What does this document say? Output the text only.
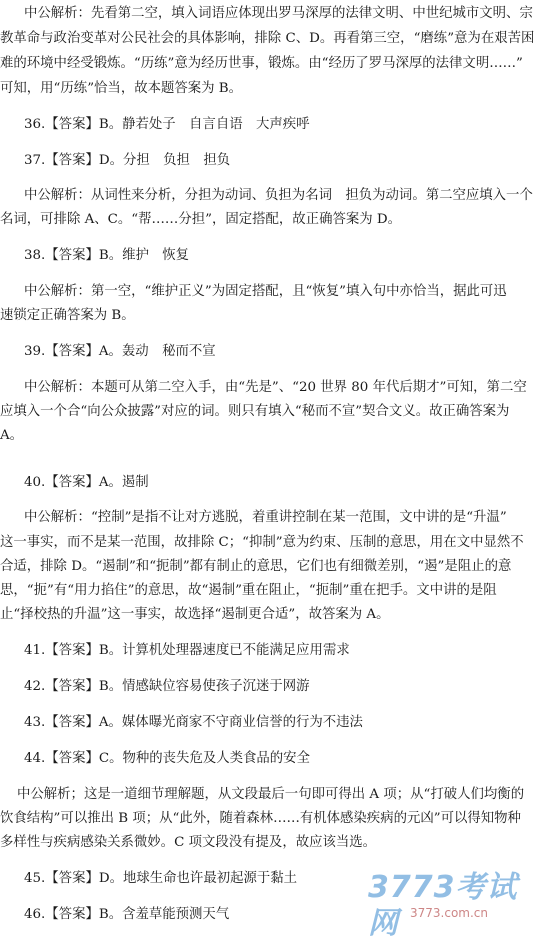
中公解析：先看第二空，填入词语应体现出罗马深厚的法律文明、中世纪城市文明、宗
教革命与政治变革对公民社会的具体影响，排除 C、D。再看第三空，“磨练”意为在艰苦困
难的环境中经受锻炼。“历练”意为经历世事，锻炼。由“经历了罗马深厚的法律文明……”
可知，用“历练”恰当，故本题答案为 B。
36.【答案】B。静若处子　自言自语　大声疾呼
37.【答案】D。分担　负担　担负
中公解析：从词性来分析，分担为动词、负担为名词　担负为动词。第二空应填入一个
名词，可排除 A、C。“帮……分担”，固定搭配，故正确答案为 D。
38.【答案】B。维护　恢复
中公解析：第一空，“维护正义”为固定搭配，且“恢复”填入句中亦恰当，据此可迅
速锁定正确答案为 B。
39.【答案】A。轰动　秘而不宣
中公解析：本题可从第二空入手，由“先是”、“20 世界 80 年代后期才”可知，第二空
应填入一个合“向公众披露”对应的词。则只有填入“秘而不宣”契合文义。故正确答案为
A。
40.【答案】A。遏制
中公解析：“控制”是指不让对方逃脱，着重讲控制在某一范围，文中讲的是“升温”
这一事实，而不是某一范围，故排除 C；“抑制”意为约束、压制的意思，用在文中显然不
合适，排除 D。“遏制”和“扼制”都有制止的意思，它们也有细微差别，“遏”是阻止的意
思，“扼”有“用力掐住”的意思，故“遏制”重在阻止，“扼制”重在把手。文中讲的是阻
止“择校热的升温”这一事实，故选择“遏制更合适”，故答案为 A。
41.【答案】B。计算机处理器速度已不能满足应用需求
42.【答案】B。情感缺位容易使孩子沉迷于网游
43.【答案】A。媒体曝光商家不守商业信誉的行为不违法
44.【答案】C。物种的丧失危及人类食品的安全
中公解析；这是一道细节理解题，从文段最后一句即可得出 A 项；从“打破人们均衡的
饮食结构”可以推出 B 项；从“此外，随着森林……有机体感染疾病的元凶”可以得知物种
多样性与疾病感染关系微妙。C 项文段没有提及，故应该当选。
45.【答案】D。地球生命也许最初起源于黏土
46.【答案】B。含羞草能预测天气
3773考试网 3773.com.cn
